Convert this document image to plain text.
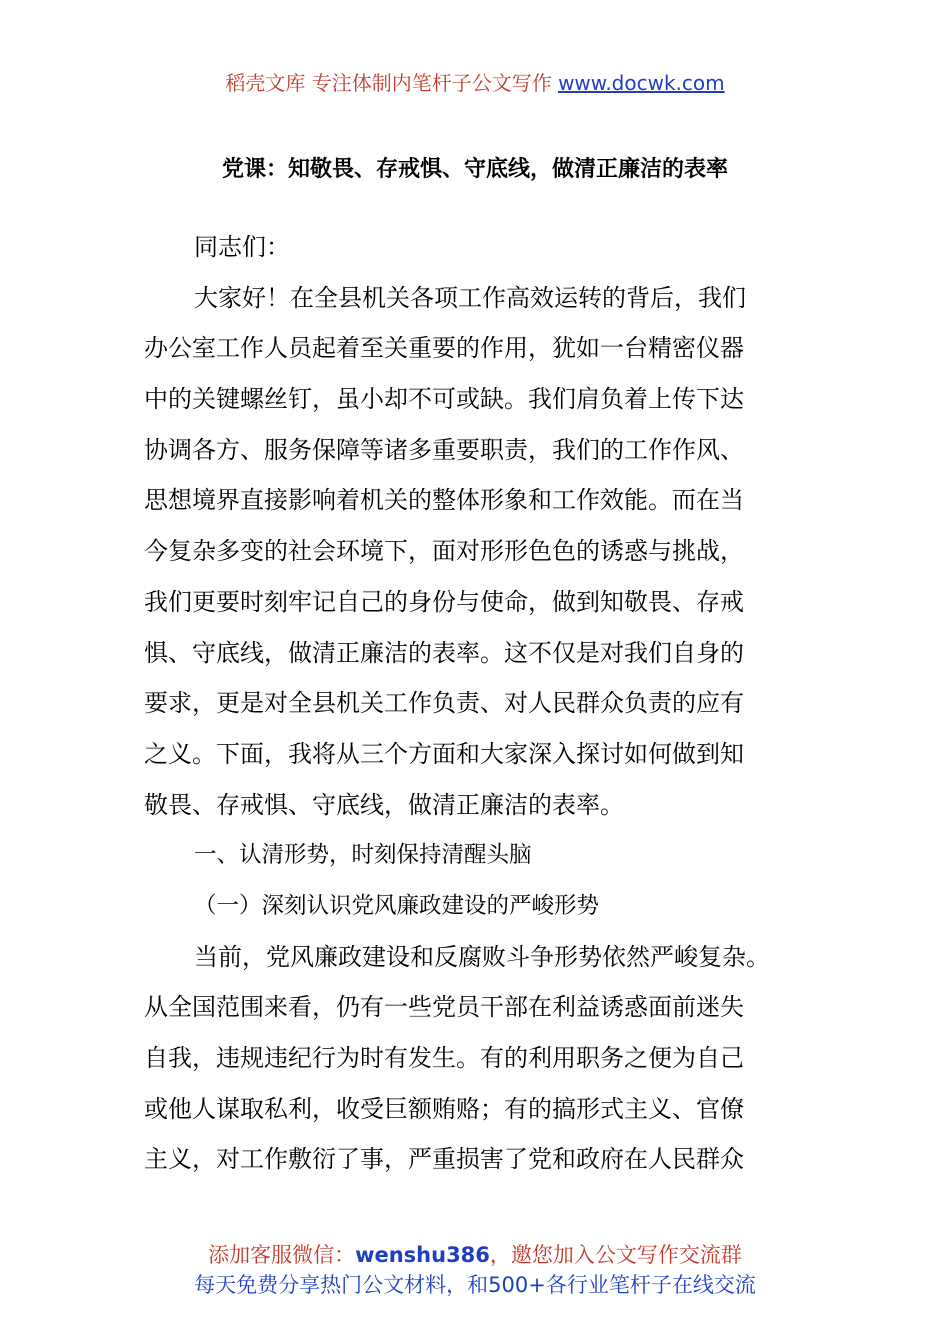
稻壳文库 专注体制内笔杆子公文写作 www.docwk.com
党课：知敬畏、存戒惧、守底线，做清正廉洁的表率
同志们：
大家好！在全县机关各项工作高效运转的背后，我们
办公室工作人员起着至关重要的作用，犹如一台精密仪器
中的关键螺丝钉，虽小却不可或缺。我们肩负着上传下达
协调各方、服务保障等诸多重要职责，我们的工作作风、
思想境界直接影响着机关的整体形象和工作效能。而在当
今复杂多变的社会环境下，面对形形色色的诱惑与挑战，
我们更要时刻牢记自己的身份与使命，做到知敬畏、存戒
惧、守底线，做清正廉洁的表率。这不仅是对我们自身的
要求，更是对全县机关工作负责、对人民群众负责的应有
之义。下面，我将从三个方面和大家深入探讨如何做到知
敬畏、存戒惧、守底线，做清正廉洁的表率。
一、认清形势，时刻保持清醒头脑
（一）深刻认识党风廉政建设的严峻形势
当前，党风廉政建设和反腐败斗争形势依然严峻复杂。
从全国范围来看，仍有一些党员干部在利益诱惑面前迷失
自我，违规违纪行为时有发生。有的利用职务之便为自己
或他人谋取私利，收受巨额贿赂；有的搞形式主义、官僚
主义，对工作敷衍了事，严重损害了党和政府在人民群众
添加客服微信：wenshu386，邀您加入公文写作交流群
每天免费分享热门公文材料，和500+各行业笔杆子在线交流
